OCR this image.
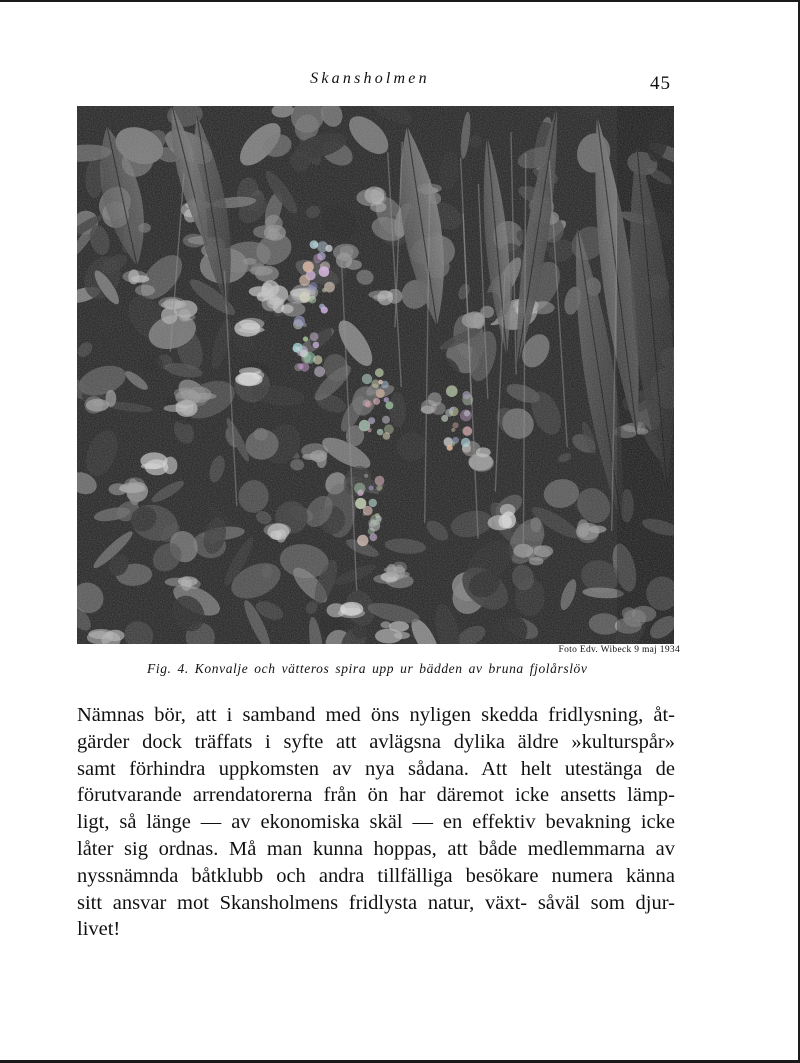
Skansholmen	45
Foto Edv. Wibeck 9 maj 1934
Fig. 4. Konvalje och vätteros spira upp ur bädden av bruna fjolårslöv
Nämnas bör, att i samband med öns nyligen skedda fridlysning, åt-
gärder dock träffats i syfte att avlägsna dylika äldre »kulturspår»
samt förhindra uppkomsten av nya sådana. Att helt utestänga de
förutvarande arrendatorerna från ön har däremot icke ansetts lämp-
ligt, så länge — av ekonomiska skäl — en effektiv bevakning icke
låter sig ordnas. Må man kunna hoppas, att både medlemmarna av
nyssnämnda båtklubb och andra tillfälliga besökare numera känna
sitt ansvar mot Skansholmens fridlysta natur, växt- såväl som djur-
livet!
